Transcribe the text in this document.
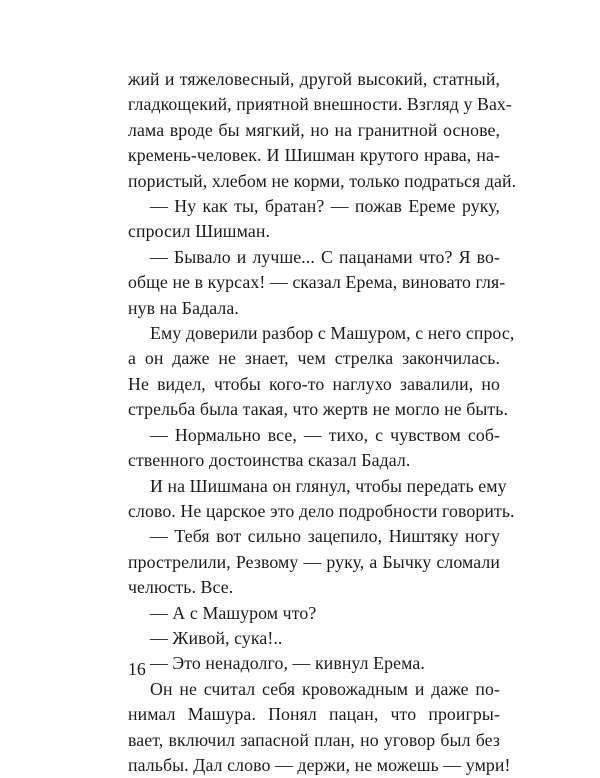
жий и тяжеловесный, другой высокий, статный,

гладкощекий, приятной внешности. Взгляд у Вах-

лама вроде бы мягкий, но на гранитной основе,

кремень-человек. И Шишман крутого нрава, на-

пористый, хлебом не корми, только подраться дай.

— Ну как ты, братан? — пожав Ереме руку,

спросил Шишман.

— Бывало и лучше... С пацанами что? Я во-

обще не в курсах! — сказал Ерема, виновато гля-

нув на Бадала.

Ему доверили разбор с Машуром, с него спрос,

а он даже не знает, чем стрелка закончилась.

Не видел, чтобы кого-то наглухо завалили, но

стрельба была такая, что жертв не могло не быть.

— Нормально все, — тихо, с чувством соб-

ственного достоинства сказал Бадал.

И на Шишмана он глянул, чтобы передать ему

слово. Не царское это дело подробности говорить.

— Тебя вот сильно зацепило, Ништяку ногу

прострелили, Резвому — руку, а Бычку сломали

челюсть. Все.

— А с Машуром что?

— Живой, сука!..

— Это ненадолго, — кивнул Ерема.

Он не считал себя кровожадным и даже по-

нимал Машура. Понял пацан, что проигры-

вает, включил запасной план, но уговор был без

пальбы. Дал слово — держи, не можешь — умри!

16
